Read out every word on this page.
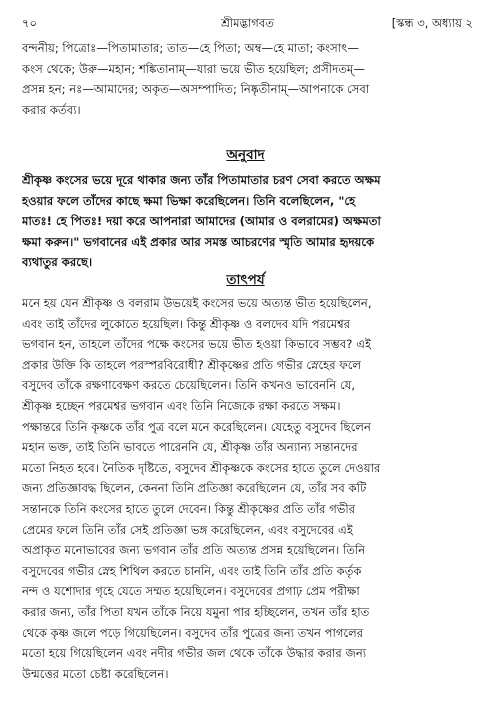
৭০	শ্রীমদ্ভাগবত	[স্কন্ধ ৩, অধ্যায় ২
বন্দনীয়; পিত্রোঃ—পিতামাতার; তাত—হে পিতা; অম্ব—হে মাতা; কংসাৎ—
কংস থেকে; উরু—মহান; শঙ্কিতানাম্—যারা ভয়ে ভীত হয়েছিল; প্রসীদতম্—
প্রসন্ন হন; নঃ—আমাদের; অকৃত—অসম্পাদিত; নিষ্কৃতীনাম্—আপনাকে সেবা
করার কর্তব্য।
অনুবাদ
শ্রীকৃষ্ণ কংসের ভয়ে দূরে থাকার জন্য তাঁর পিতামাতার চরণ সেবা করতে অক্ষম
হওয়ার ফলে তাঁদের কাছে ক্ষমা ভিক্ষা করেছিলেন। তিনি বলেছিলেন, "হে
মাতঃ! হে পিতঃ! দয়া করে আপনারা আমাদের (আমার ও বলরামের) অক্ষমতা
ক্ষমা করুন।" ভগবানের এই প্রকার আর সমস্ত আচরণের স্মৃতি আমার হৃদয়কে
ব্যথাতুর করছে।
তাৎপর্য
মনে হয় যেন শ্রীকৃষ্ণ ও বলরাম উভয়েই কংসের ভয়ে অত্যন্ত ভীত হয়েছিলেন,
এবং তাই তাঁদের লুকোতে হয়েছিল। কিন্তু শ্রীকৃষ্ণ ও বলদেব যদি পরমেশ্বর
ভগবান হন, তাহলে তাঁদের পক্ষে কংসের ভয়ে ভীত হওয়া কিভাবে সম্ভব? এই
প্রকার উক্তি কি তাহলে পরস্পরবিরোধী? শ্রীকৃষ্ণের প্রতি গভীর স্নেহের ফলে
বসুদেব তাঁকে রক্ষণাবেক্ষণ করতে চেয়েছিলেন। তিনি কখনও ভাবেননি যে,
শ্রীকৃষ্ণ হচ্ছেন পরমেশ্বর ভগবান এবং তিনি নিজেকে রক্ষা করতে সক্ষম।
পক্ষান্তরে তিনি কৃষ্ণকে তাঁর পুত্র বলে মনে করেছিলেন। যেহেতু বসুদেব ছিলেন
মহান ভক্ত, তাই তিনি ভাবতে পারেননি যে, শ্রীকৃষ্ণ তাঁর অন্যান্য সন্তানদের
মতো নিহত হবে। নৈতিক দৃষ্টিতে, বসুদেব শ্রীকৃষ্ণকে কংসের হাতে তুলে দেওয়ার
জন্য প্রতিজ্ঞাবদ্ধ ছিলেন, কেননা তিনি প্রতিজ্ঞা করেছিলেন যে, তাঁর সব কটি
সন্তানকে তিনি কংসের হাতে তুলে দেবেন। কিন্তু শ্রীকৃষ্ণের প্রতি তাঁর গভীর
প্রেমের ফলে তিনি তাঁর সেই প্রতিজ্ঞা ভঙ্গ করেছিলেন, এবং বসুদেবের এই
অপ্রাকৃত মনোভাবের জন্য ভগবান তাঁর প্রতি অত্যন্ত প্রসন্ন হয়েছিলেন। তিনি
বসুদেবের গভীর স্নেহ শিথিল করতে চাননি, এবং তাই তিনি তাঁর প্রতি কর্তৃক
নন্দ ও যশোদার গৃহে যেতে সম্মত হয়েছিলেন। বসুদেবের প্রগাঢ় প্রেম পরীক্ষা
করার জন্য, তাঁর পিতা যখন তাঁকে নিয়ে যমুনা পার হচ্ছিলেন, তখন তাঁর হাত
থেকে কৃষ্ণ জলে পড়ে গিয়েছিলেন। বসুদেব তাঁর পুত্রের জন্য তখন পাগলের
মতো হয়ে গিয়েছিলেন এবং নদীর গভীর জল থেকে তাঁকে উদ্ধার করার জন্য
উন্মত্তের মতো চেষ্টা করেছিলেন।
